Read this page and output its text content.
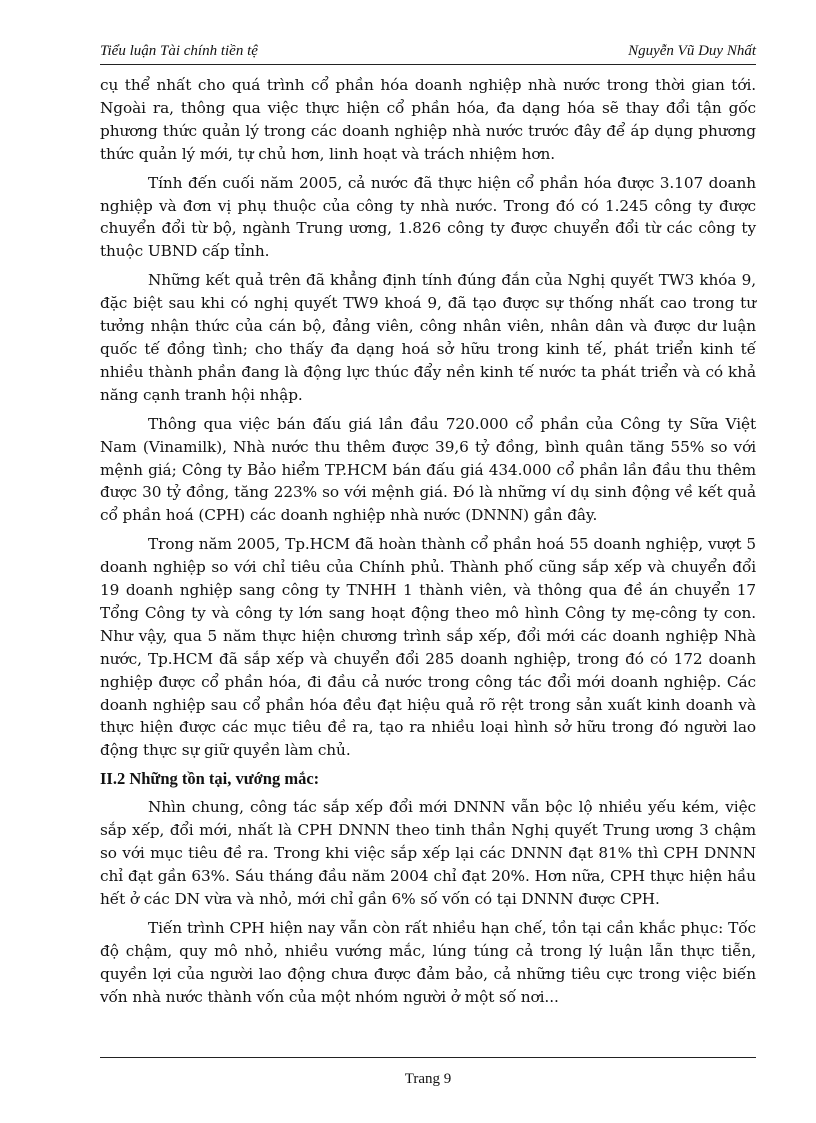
Tiểu luận Tài chính tiền tệ	Nguyễn Vũ Duy Nhất

cụ thể nhất cho quá trình cổ phần hóa doanh nghiệp nhà nước trong thời gian tới. Ngoài ra, thông qua việc thực hiện cổ phần hóa, đa dạng hóa sẽ thay đổi tận gốc phương thức quản lý trong các doanh nghiệp nhà nước trước đây để áp dụng phương thức quản lý mới, tự chủ hơn, linh hoạt và trách nhiệm hơn.

Tính đến cuối năm 2005, cả nước đã thực hiện cổ phần hóa được 3.107 doanh nghiệp và đơn vị phụ thuộc của công ty nhà nước. Trong đó có 1.245 công ty được chuyển đổi từ bộ, ngành Trung ương, 1.826 công ty được chuyển đổi từ các công ty thuộc UBND cấp tỉnh.

Những kết quả trên đã khẳng định tính đúng đắn của Nghị quyết TW3 khóa 9, đặc biệt sau khi có nghị quyết TW9 khoá 9, đã tạo được sự thống nhất cao trong tư tưởng nhận thức của cán bộ, đảng viên, công nhân viên, nhân dân và được dư luận quốc tế đồng tình; cho thấy đa dạng hoá sở hữu trong kinh tế, phát triển kinh tế nhiều thành phần đang là động lực thúc đẩy nền kinh tế nước ta phát triển và có khả năng cạnh tranh hội nhập.

Thông qua việc bán đấu giá lần đầu 720.000 cổ phần của Công ty Sữa Việt Nam (Vinamilk), Nhà nước thu thêm được 39,6 tỷ đồng, bình quân tăng 55% so với mệnh giá; Công ty Bảo hiểm TP.HCM bán đấu giá 434.000 cổ phần lần đầu thu thêm được 30 tỷ đồng, tăng 223% so với mệnh giá. Đó là những ví dụ sinh động về kết quả cổ phần hoá (CPH) các doanh nghiệp nhà nước (DNNN) gần đây.

Trong năm 2005, Tp.HCM đã hoàn thành cổ phần hoá 55 doanh nghiệp, vượt 5 doanh nghiệp so với chỉ tiêu của Chính phủ. Thành phố cũng sắp xếp và chuyển đổi 19 doanh nghiệp sang công ty TNHH 1 thành viên, và thông qua đề án chuyển 17 Tổng Công ty và công ty lớn sang hoạt động theo mô hình Công ty mẹ-công ty con. Như vậy, qua 5 năm thực hiện chương trình sắp xếp, đổi mới các doanh nghiệp Nhà nước, Tp.HCM đã sắp xếp và chuyển đổi 285 doanh nghiệp, trong đó có 172 doanh nghiệp được cổ phần hóa, đi đầu cả nước trong công tác đổi mới doanh nghiệp. Các doanh nghiệp sau cổ phần hóa đều đạt hiệu quả rõ rệt trong sản xuất kinh doanh và thực hiện được các mục tiêu đề ra, tạo ra nhiều loại hình sở hữu trong đó người lao động thực sự giữ quyền làm chủ.

II.2 Những tồn tại, vướng mắc:

Nhìn chung, công tác sắp xếp đổi mới DNNN vẫn bộc lộ nhiều yếu kém, việc sắp xếp, đổi mới, nhất là CPH DNNN theo tinh thần Nghị quyết Trung ương 3 chậm so với mục tiêu đề ra. Trong khi việc sắp xếp lại các DNNN đạt 81% thì CPH DNNN chỉ đạt gần 63%. Sáu tháng đầu năm 2004 chỉ đạt 20%. Hơn nữa, CPH thực hiện hầu hết ở các DN vừa và nhỏ, mới chỉ gần 6% số vốn có tại DNNN được CPH.

Tiến trình CPH hiện nay vẫn còn rất nhiều hạn chế, tồn tại cần khắc phục: Tốc độ chậm, quy mô nhỏ, nhiều vướng mắc, lúng túng cả trong lý luận lẫn thực tiễn, quyền lợi của người lao động chưa được đảm bảo, cả những tiêu cực trong việc biến vốn nhà nước thành vốn của một nhóm người ở một số nơi...

Trang 9
